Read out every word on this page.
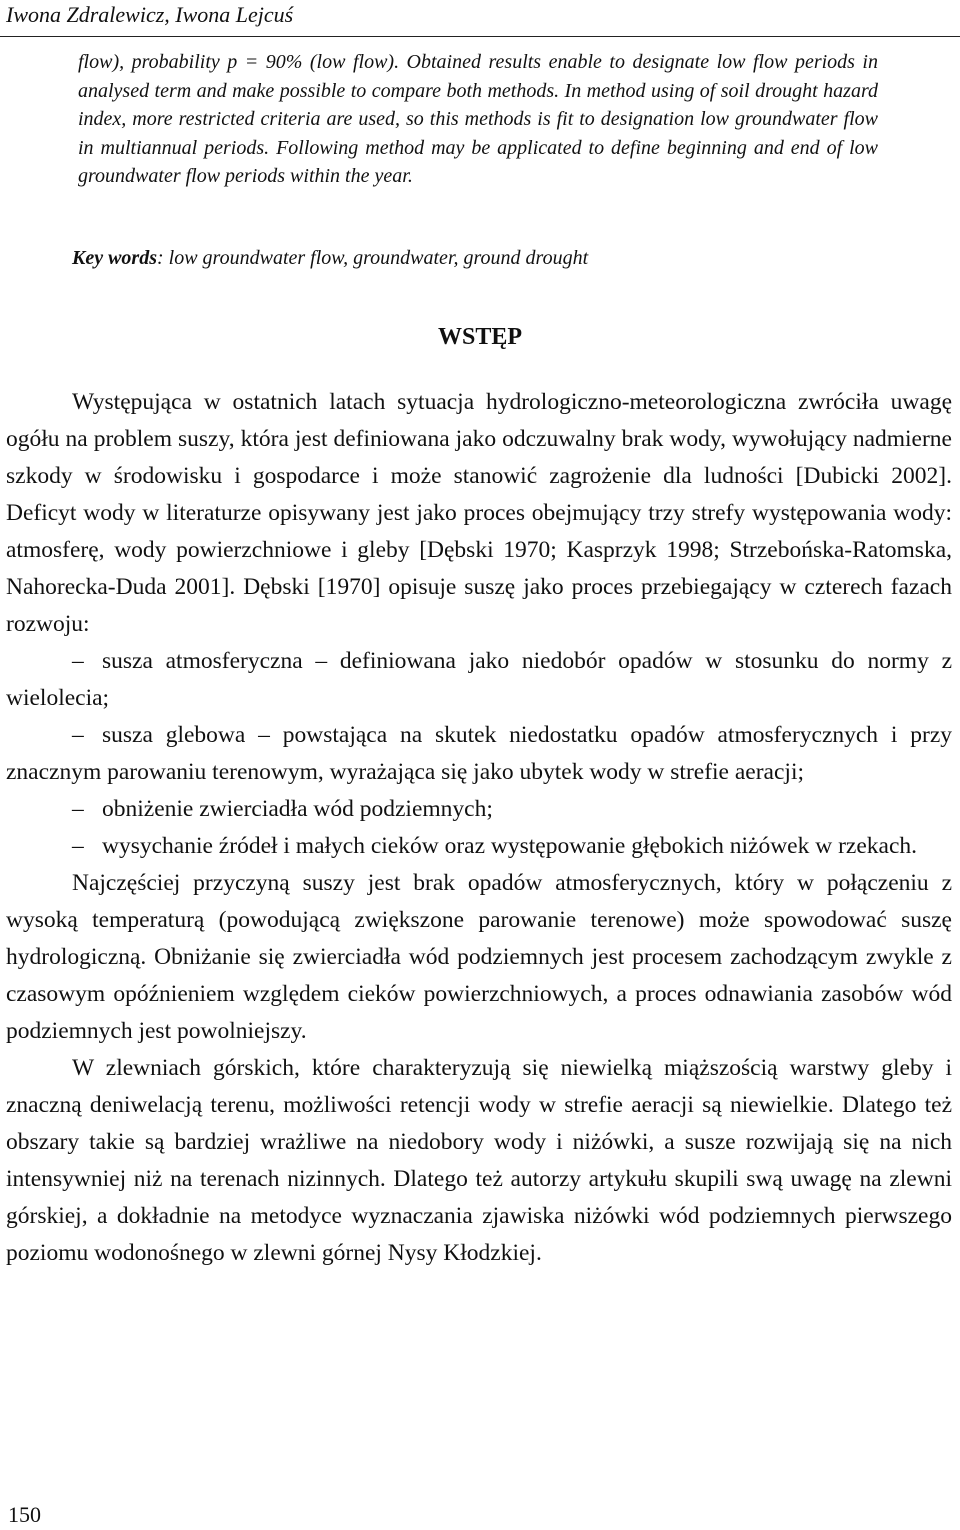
Iwona Zdralewicz, Iwona Lejcuś

flow), probability p = 90% (low flow). Obtained results enable to designate low flow periods in analysed term and make possible to compare both methods. In method using of soil drought hazard index, more restricted criteria are used, so this methods is fit to designation low groundwater flow in multiannual periods. Following method may be applicated to define beginning and end of low groundwater flow periods within the year.

Key words: low groundwater flow, groundwater, ground drought

WSTĘP

Występująca w ostatnich latach sytuacja hydrologiczno-meteorologiczna zwróciła uwagę ogółu na problem suszy, która jest definiowana jako odczuwalny brak wody, wywołujący nadmierne szkody w środowisku i gospodarce i może stanowić zagrożenie dla ludności [Dubicki 2002]. Deficyt wody w literaturze opisywany jest jako proces obejmujący trzy strefy występowania wody: atmosferę, wody powierzchniowe i gleby [Dębski 1970; Kasprzyk 1998; Strzebońska-Ratomska, Nahorecka-Duda 2001]. Dębski [1970] opisuje suszę jako proces przebiegający w czterech fazach rozwoju:

– susza atmosferyczna – definiowana jako niedobór opadów w stosunku do normy z wielolecia;

– susza glebowa – powstająca na skutek niedostatku opadów atmosferycznych i przy znacznym parowaniu terenowym, wyrażająca się jako ubytek wody w strefie aeracji;

– obniżenie zwierciadła wód podziemnych;

– wysychanie źródeł i małych cieków oraz występowanie głębokich niżówek w rzekach.

Najczęściej przyczyną suszy jest brak opadów atmosferycznych, który w połączeniu z wysoką temperaturą (powodującą zwiększone parowanie terenowe) może spowodować suszę hydrologiczną. Obniżanie się zwierciadła wód podziemnych jest procesem zachodzącym zwykle z czasowym opóźnieniem względem cieków powierzchniowych, a proces odnawiania zasobów wód podziemnych jest powolniejszy.

W zlewniach górskich, które charakteryzują się niewielką miąższością warstwy gleby i znaczną deniwelacją terenu, możliwości retencji wody w strefie aeracji są niewielkie. Dlatego też obszary takie są bardziej wrażliwe na niedobory wody i niżówki, a susze rozwijają się na nich intensywniej niż na terenach nizinnych. Dlatego też autorzy artykułu skupili swą uwagę na zlewni górskiej, a dokładnie na metodyce wyznaczania zjawiska niżówki wód podziemnych pierwszego poziomu wodonośnego w zlewni górnej Nysy Kłodzkiej.

150
